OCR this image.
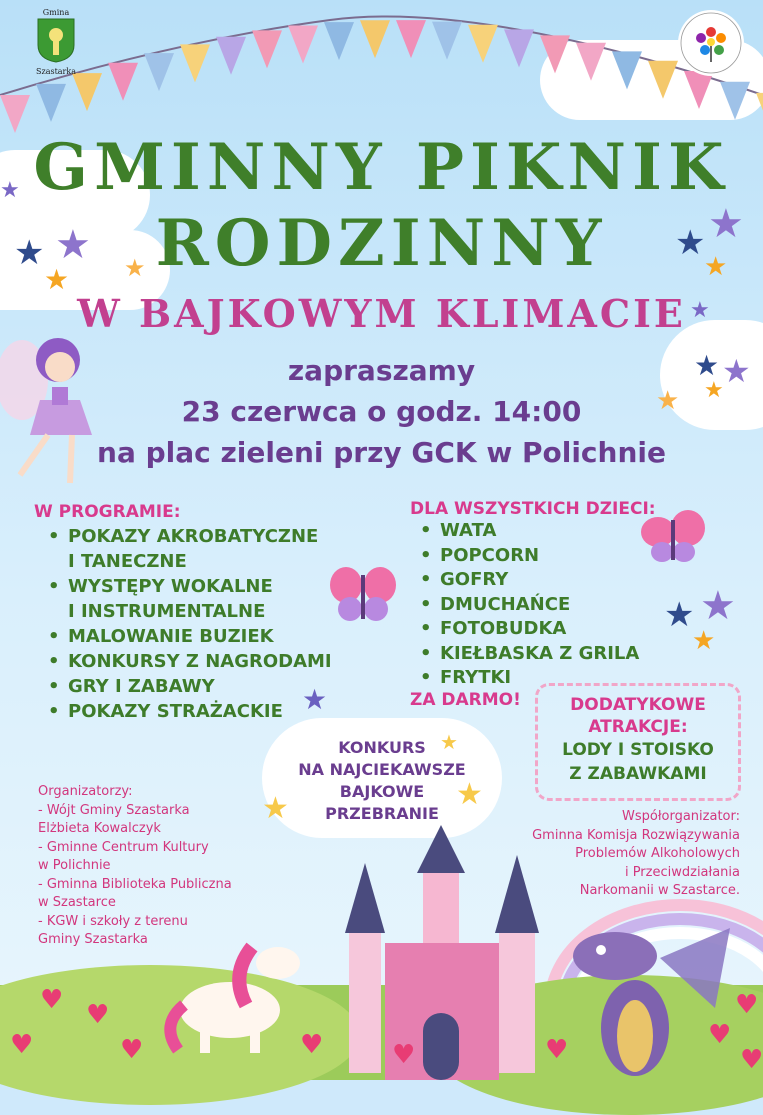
Gmina
Szastarka
GMINNY PIKNIK
RODZINNY
W BAJKOWYM KLIMACIE
zapraszamy
23 czerwca o godz. 14:00
na plac zieleni przy GCK w Polichnie
W PROGRAMIE:
• POKAZY AKROBATYCZNE
I TANECZNE
• WYSTĘPY WOKALNE
I INSTRUMENTALNE
• MALOWANIE BUZIEK
• KONKURSY Z NAGRODAMI
• GRY I ZABAWY
• POKAZY STRAŻACKIE
DLA WSZYSTKICH DZIECI:
• WATA
• POPCORN
• GOFRY
• DMUCHAŃCE
• FOTOBUDKA
• KIEŁBASKA Z GRILA
• FRYTKI
ZA DARMO!	DODATYKOWE
ATRAKCJE:
LODY I STOISKO
Z ZABAWKAMI
KONKURS
NA NAJCIEKAWSZE
BAJKOWE
PRZEBRANIE
Organizatorzy:
- Wójt Gminy Szastarka
Elżbieta Kowalczyk
- Gminne Centrum Kultury
w Polichnie
- Gminna Biblioteka Publiczna
w Szastarce
- KGW i szkoły z terenu
Gminy Szastarka
Współorganizator:
Gminna Komisja Rozwiązywania
Problemów Alkoholowych
i Przeciwdziałania
Narkomanii w Szastarce.
★
★ ★
★ ★
★
★
★
★
★ ★
★
★
★ ★
★
★
★
★	★
♥ ♥
♥	♥	♥	♥	♥	♥
♥
♥
